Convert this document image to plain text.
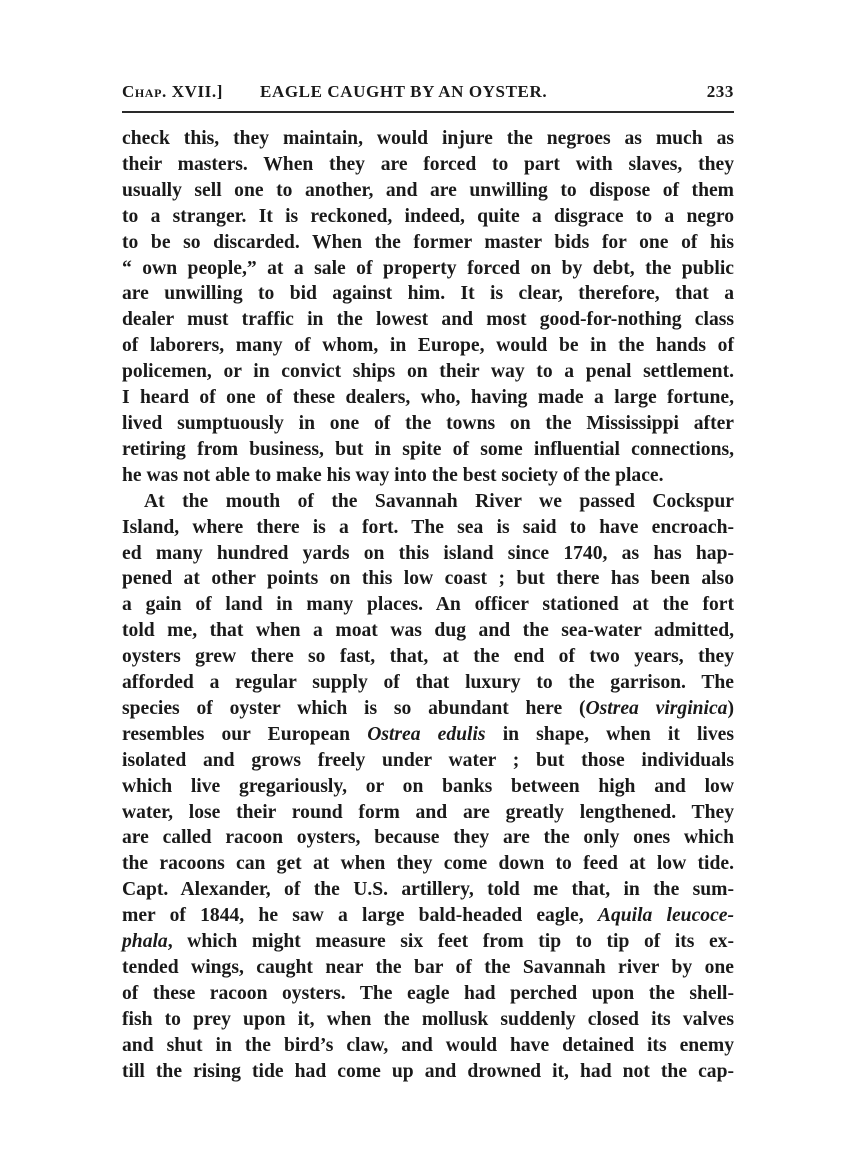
Chap. XVII.]	EAGLE CAUGHT BY AN OYSTER.	233
check this, they maintain, would injure the negroes as much as
their masters. When they are forced to part with slaves, they
usually sell one to another, and are unwilling to dispose of them
to a stranger. It is reckoned, indeed, quite a disgrace to a negro
to be so discarded. When the former master bids for one of his
“ own people,” at a sale of property forced on by debt, the public
are unwilling to bid against him. It is clear, therefore, that a
dealer must traffic in the lowest and most good-for-nothing class
of laborers, many of whom, in Europe, would be in the hands of
policemen, or in convict ships on their way to a penal settlement.
I heard of one of these dealers, who, having made a large fortune,
lived sumptuously in one of the towns on the Mississippi after
retiring from business, but in spite of some influential connections,
he was not able to make his way into the best society of the place.
At the mouth of the Savannah River we passed Cockspur
Island, where there is a fort. The sea is said to have encroach-
ed many hundred yards on this island since 1740, as has hap-
pened at other points on this low coast ; but there has been also
a gain of land in many places. An officer stationed at the fort
told me, that when a moat was dug and the sea-water admitted,
oysters grew there so fast, that, at the end of two years, they
afforded a regular supply of that luxury to the garrison. The
species of oyster which is so abundant here (Ostrea virginica)
resembles our European Ostrea edulis in shape, when it lives
isolated and grows freely under water ; but those individuals
which live gregariously, or on banks between high and low
water, lose their round form and are greatly lengthened. They
are called racoon oysters, because they are the only ones which
the racoons can get at when they come down to feed at low tide.
Capt. Alexander, of the U.S. artillery, told me that, in the sum-
mer of 1844, he saw a large bald-headed eagle, Aquila leucoce-
phala, which might measure six feet from tip to tip of its ex-
tended wings, caught near the bar of the Savannah river by one
of these racoon oysters. The eagle had perched upon the shell-
fish to prey upon it, when the mollusk suddenly closed its valves
and shut in the bird’s claw, and would have detained its enemy
till the rising tide had come up and drowned it, had not the cap-
